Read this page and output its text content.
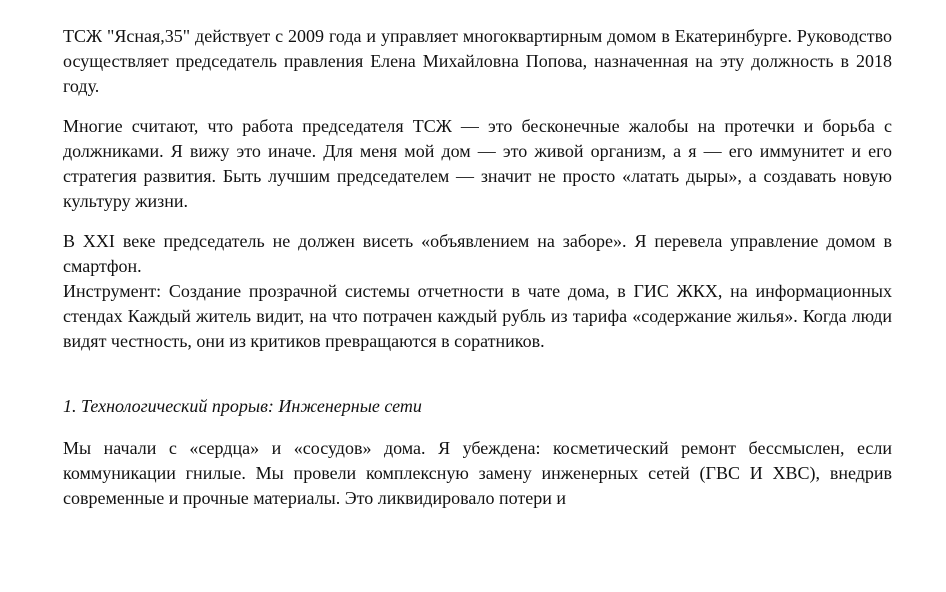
ТСЖ "Ясная,35" действует с 2009 года и управляет многоквартирным домом в Екатеринбурге. Руководство осуществляет председатель правления Елена Михайловна Попова, назначенная на эту должность в 2018 году.

Многие считают, что работа председателя ТСЖ — это бесконечные жалобы на протечки и борьба с должниками. Я вижу это иначе. Для меня мой дом — это живой организм, а я — его иммунитет и его стратегия развития. Быть лучшим председателем — значит не просто «латать дыры», а создавать новую культуру жизни.

В XXI веке председатель не должен висеть «объявлением на заборе». Я перевела управление домом в смартфон.

Инструмент: Создание прозрачной системы отчетности в чате дома, в ГИС ЖКХ, на информационных стендах Каждый житель видит, на что потрачен каждый рубль из тарифа «содержание жилья». Когда люди видят честность, они из критиков превращаются в соратников.

1. Технологический прорыв: Инженерные сети

Мы начали с «сердца» и «сосудов» дома. Я убеждена: косметический ремонт бессмыслен, если коммуникации гнилые. Мы провели комплексную замену инженерных сетей (ГВС И ХВС), внедрив современные и прочные материалы. Это ликвидировало потери и
